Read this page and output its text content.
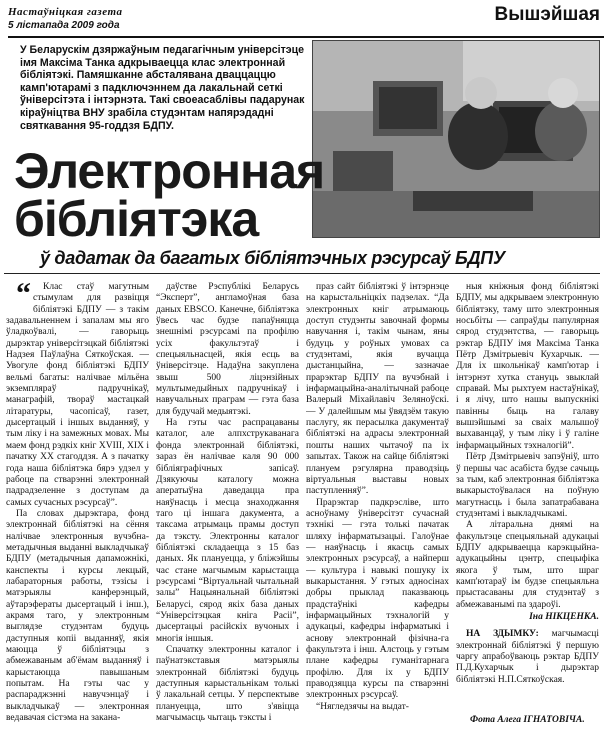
Настаўніцкая газета
5 лістапада 2009 года
Вышэйшая
У Беларускім дзяржаўным педагагічным універсітэце імя Максіма Танка адкрываецца клас электроннай бібліятэкі. Памяшканне абсталявана дваццаццю камп'ютарамі з падключэннем да лакальнай сеткі ўніверсітэта і інтэрнэта. Такі своеасаблівы падарунак кіраўніцтва ВНУ зрабіла студэнтам напярэдадні святкавання 95-годдзя БДПУ.
Электронная
бібліятэка
ў дадатак да багатых бібліятэчных рэсурсаў БДПУ

“ Клас стаў магутным стымулам для развіцця бібліятэкі БДПУ — з такім задавальненнем і запалам мы яго ўладкоўвалі, — гаворыць дырэктар універсітэцкай бібліятэкі Надзея Паўлаўна Сяткоўская. — Увогуле фонд бібліятэкі БДПУ вельмі багаты: налічвае мільёна экземпляраў падручнікаў, манаграфій, твораў мастацкай літаратуры, часопісаў, газет, дысертацый і іншых выданняў, у тым ліку і на замежных мовах. Мы маем фонд рэдкіх кніг XVIII, XIX і пачатку XX стагоддзя. А з пачатку года наша бібліятэка бярэ удзел у рабоце па стварэнні электроннай падрадзеленне з доступам да самых сучасных рэсурсаў”.

Па словах дырэктара, фонд электроннай бібліятэкі на сёння налічвае электронныя вучэбна-метадычныя выданні выкладчыкаў БДПУ (метадычныя дапаможнікі, канспекты і курсы лекцый, лабараторныя работы, тэзісы і матэрыялы канферэнцый, аўтарэфераты дысертацый і інш.), акрамя таго, у электронным выглядзе студэнтам будуць даступныя копіі выданняў, якія маюцца ў бібліятэцы з абмежаваным аб'ёмам выданняў і карыстаюцца павышаным попытам. На гэты час у распараджэнні навучэнцаў і выкладчыкаў — электронная ведавачая сістэма на закана-

даўстве Рэспублікі Беларусь “Эксперт”, англамоўная база даных EBSCO. Канечне, бібліятэка ўвесь час будзе папаўняцца знешнімі рэсурсамі па профілю усіх факультэтаў і спецыяльнасцей, якія есць ва ўніверсітэце. Надаўна закуплена звыш 500 ліцэнзійных мультымедыйных падручнікаў і навучальных праграм — гэта база для будучай медыятэкі.

На гэты час распрацаваны каталог, але алпхструкаванага фонда электроннай бібліятэкі, зараз ён налічвае каля 90 000 бібліяграфічных запісаў. Дзякуючы каталогу можна аператыўна даведацца пра наяўнасць і месца знаходжання таго ці іншага дакумента, а таксама атрымаць прамы доступ да тэксту. Электронны каталог бібліятэкі складаецца з 15 баз даных. Як плануецца, у бліжэйшы час стане магчымым карыстацца рэсурсамі “Віртуальнай чытальнай залы” Нацыянальнай бібліятэкі Беларусі, сярод якіх база даных “Універсітэцкая кніга Расіі”, дысертацыі расійскіх вучоных і многія іншыя.

Спачатку электронны каталог і паўнатэкставыя матэрыялы электроннай бібліятэкі будуць даступныя карыстальнікам толькі ў лакальнай сетцы. У перспектыве плануецца, што з'явіцца магчымасць чытаць тэксты і

праз сайт бібліятэкі ў інтэрнэце на карыстальніцкіх падзелах. “Да электронных кніг атрымаюць доступ студэнты завочнай формы навучання і, такім чынам, яны будуць у роўных умовах са студэнтамі, якія вучацца дыстанцыйна, — зазначае прарэктар БДПУ па вучэбнай і інфармацыйна-аналітычнай рабоце Валерый Міхайлавіч Зеляноўскі. — У далейшым мы ўвядзём такую паслугу, як перасылка дакументаў бібліятэкі на адрасы электроннай пошты наших чытачоў па іх запытах. Також на сайце бібліятэкі плануем рэгулярна праводзіць віртуальныя выставы новых паступленняў”.

Прарэктар падкрэсліве, што асноўнаму ўніверсітэт сучаснай тэхнікі — гэта толькі пачатак шляху інфарматызацыі. Галоўнае — наяўнасць і якасць самых электронных рэсурсаў, а найперш — культура і навыкі пошуку іх выкарыстання. У гэтых адносінах добры прыклад паказваюць прадстаўнікі кафедры інфармацыйных тэхналогій у адукацыі, кафедры інфарматыкі і аснову электроннай фізічна-га факультэта і інш. Алстоць у гэтым плане кафедры гуманітарнага профілю. Для іх у БДПУ праводзяцца курсы па стварэнні электронных рэсурсаў.

“Нягледзячы на выдат-

ныя кніжныя фонд бібліятэкі БДПУ, мы адкрываем электронную бібліятэку, таму што электронныя носьбіты — сапраўды папулярная сярод студэнтства, — гаворыць рэктар БДПУ імя Максіма Танка Пётр Дзмітрыевіч Кухарчык. — Для іх школьнікаў камп'ютар і інтэрнэт хутка стануць звыклай справай. Мы рыхтуем настаўнікаў, і я лічу, што нашы выпускнікі павінны быць на галаву вышэйшымі за сваіх малышоў выхаванцаў, у тым ліку і ў галіне інфармацыйных тэхналогій”.

Пётр Дзмітрыевіч запэўніў, што ў першы час асабіста будзе сачыць за тым, каб электронная бібліятэка выкарыстоўвалася на поўную магутнасць і была запатрабавана студэнтамі і выкладчыкамі.

А літаральна днямі на факультэце спецыяльнай адукацыі БДПУ адкрываецца карэкцыйна-адукацыйны цэнтр, спецыфіка якога ў тым, што шраг камп'ютараў ім будзе спецыяльна прыстасаваны для студэнтаў з абмежаванымі па здароўі.

Іна НІКЦЕНКА.

НА ЗДЫМКУ: магчымасці электроннай бібліятэкі ў першую чаргу апрабоўваюць рэктар БДПУ П.Д.Кухарчык і дырэктар бібліятэкі Н.П.Сяткоўская.

Фота Алега ІГНАТОВІЧА.
